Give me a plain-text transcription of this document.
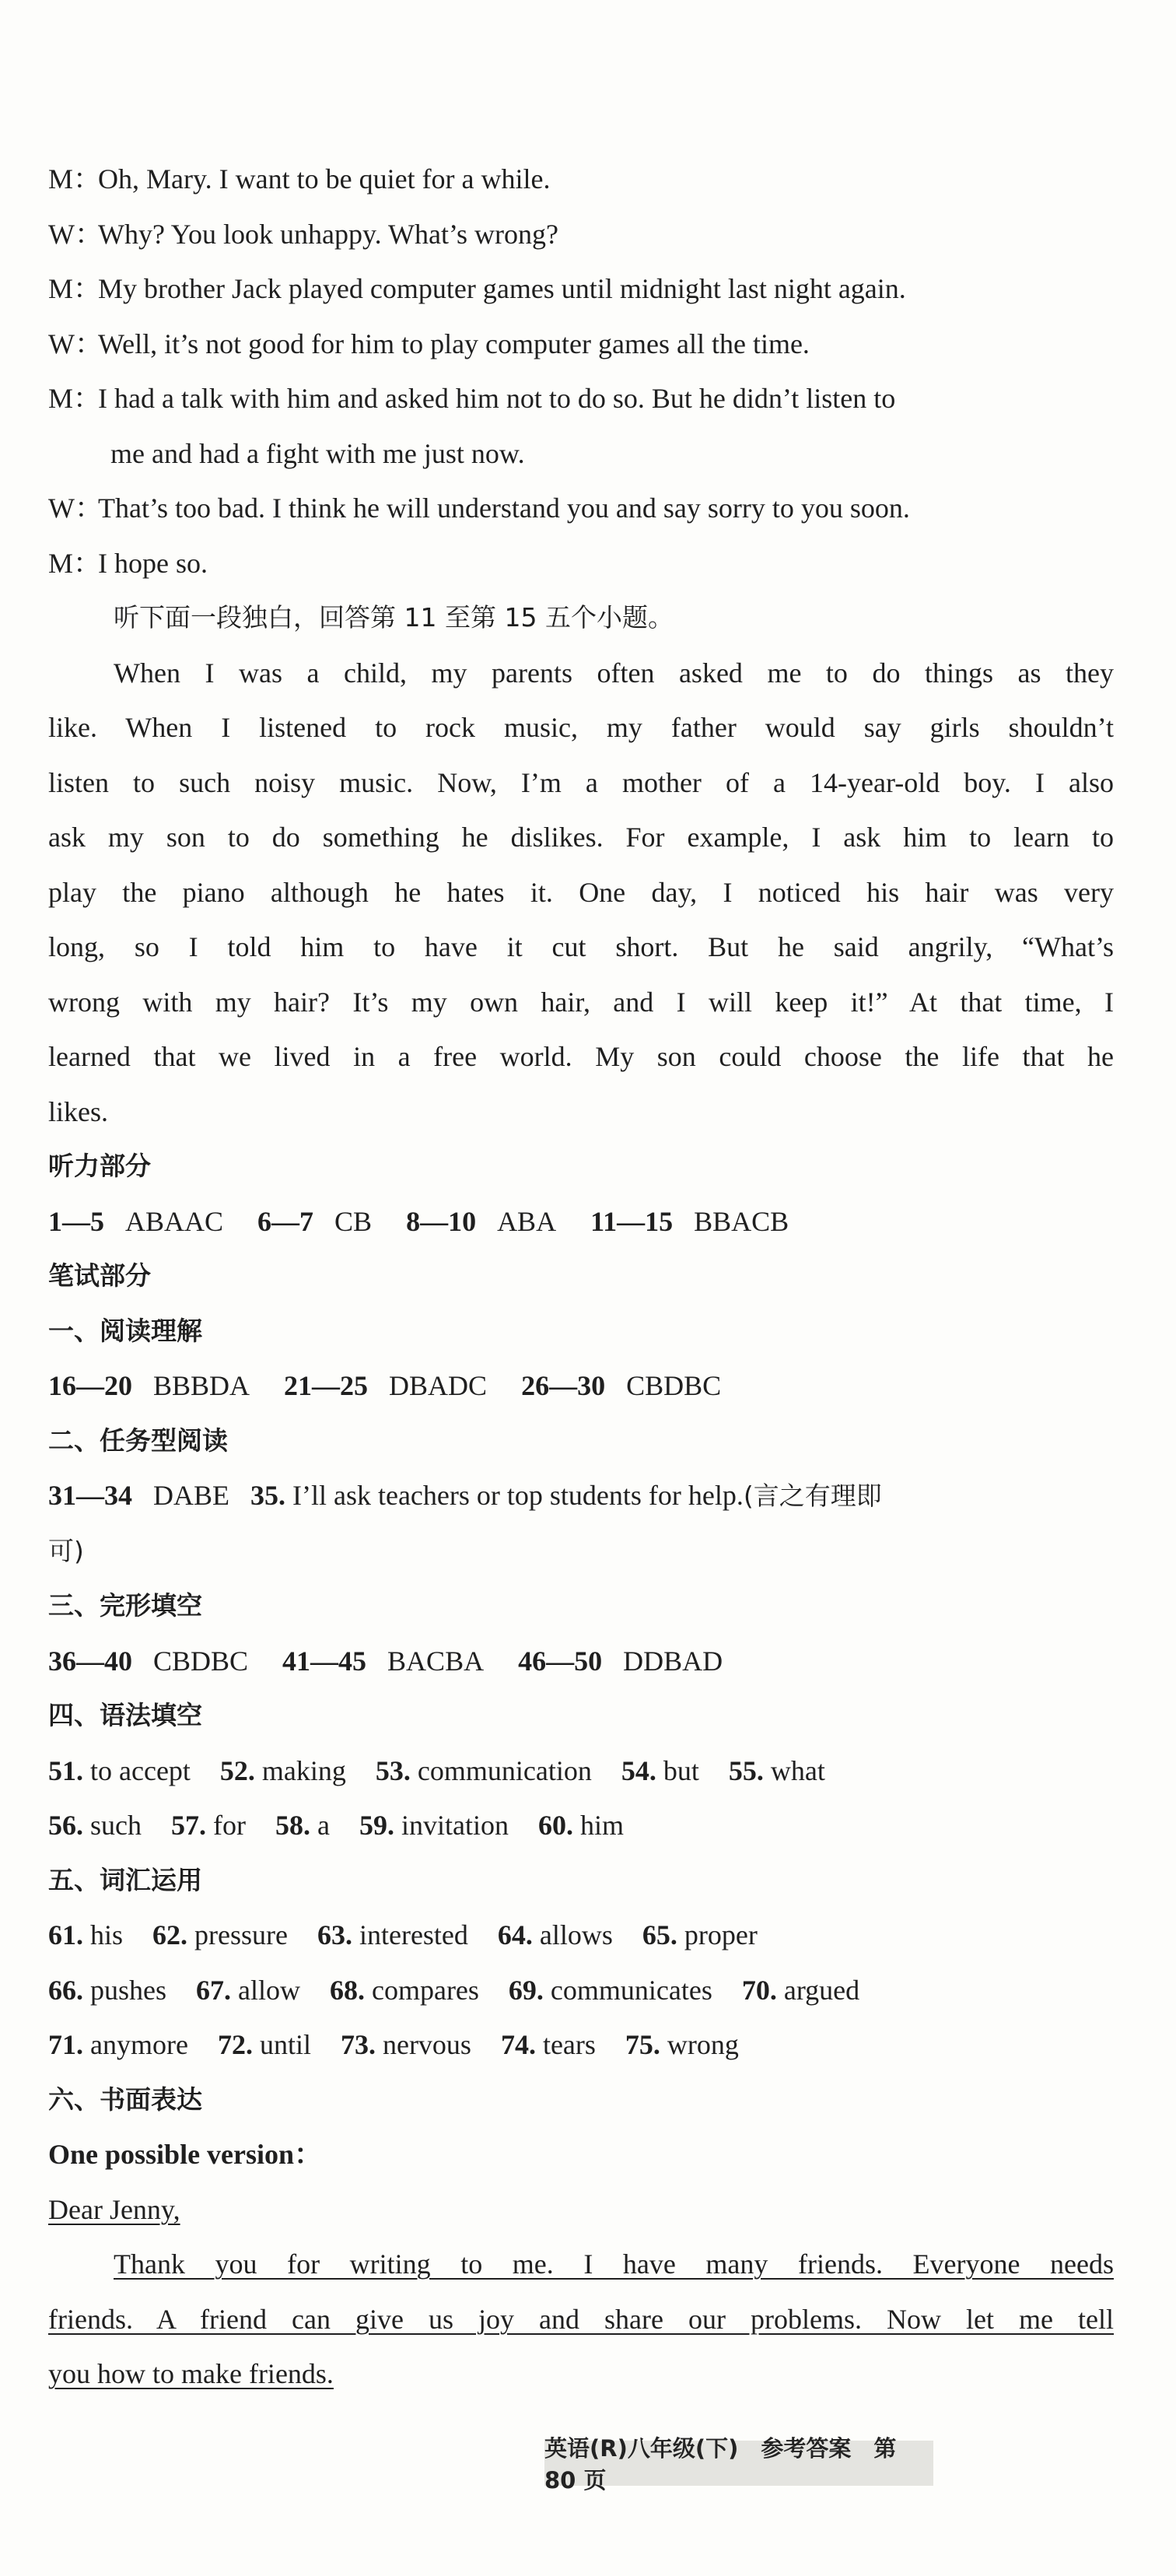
M：
Oh, Mary. I want to be quiet for a while.
W：
Why? You look unhappy. What’s wrong?
M：
My brother Jack played computer games until midnight last night again.
W：
Well, it’s not good for him to play computer games all the time.
M：
I had a talk with him and asked him not to do so. But he didn’t listen to
me and had a fight with me just now.
W：
That’s too bad. I think he will understand you and say sorry to you soon.
M：
I hope so.
听下面一段独白，回答第 11 至第 15 五个小题。
When I was a child, my parents often asked me to do things as they
like. When I listened to rock music, my father would say girls shouldn’t
listen to such noisy music. Now, I’m a mother of a 14-year-old boy. I also
ask my son to do something he dislikes. For example, I ask him to learn to
play the piano although he hates it. One day, I noticed his hair was very
long, so I told him to have it cut short. But he said angrily, “What’s
wrong with my hair? It’s my own hair, and I will keep it!” At that time, I
learned that we lived in a free world. My son could choose the life that he
likes.
听力部分
1—5 ABAAC 6—7 CB 8—10 ABA 11—15 BBACB
笔试部分
一、阅读理解
16—20 BBBDA 21—25 DBADC 26—30 CBDBC
二、任务型阅读
31—34 DABE 35. I’ll ask teachers or top students for help.(言之有理即
可)
三、完形填空
36—40 CBDBC 41—45 BACBA 46—50 DDBAD
四、语法填空
51. to accept 52. making 53. communication 54. but 55. what
56. such 57. for 58. a 59. invitation 60. him
五、词汇运用
61. his 62. pressure 63. interested 64. allows 65. proper
66. pushes 67. allow 68. compares 69. communicates 70. argued
71. anymore 72. until 73. nervous 74. tears 75. wrong
六、书面表达
One possible version：
Dear Jenny,
Thank you for writing to me. I have many friends. Everyone needs
friends. A friend can give us joy and share our problems. Now let me tell
you how to make friends.
英语(R)八年级(下)　参考答案　第 80 页
